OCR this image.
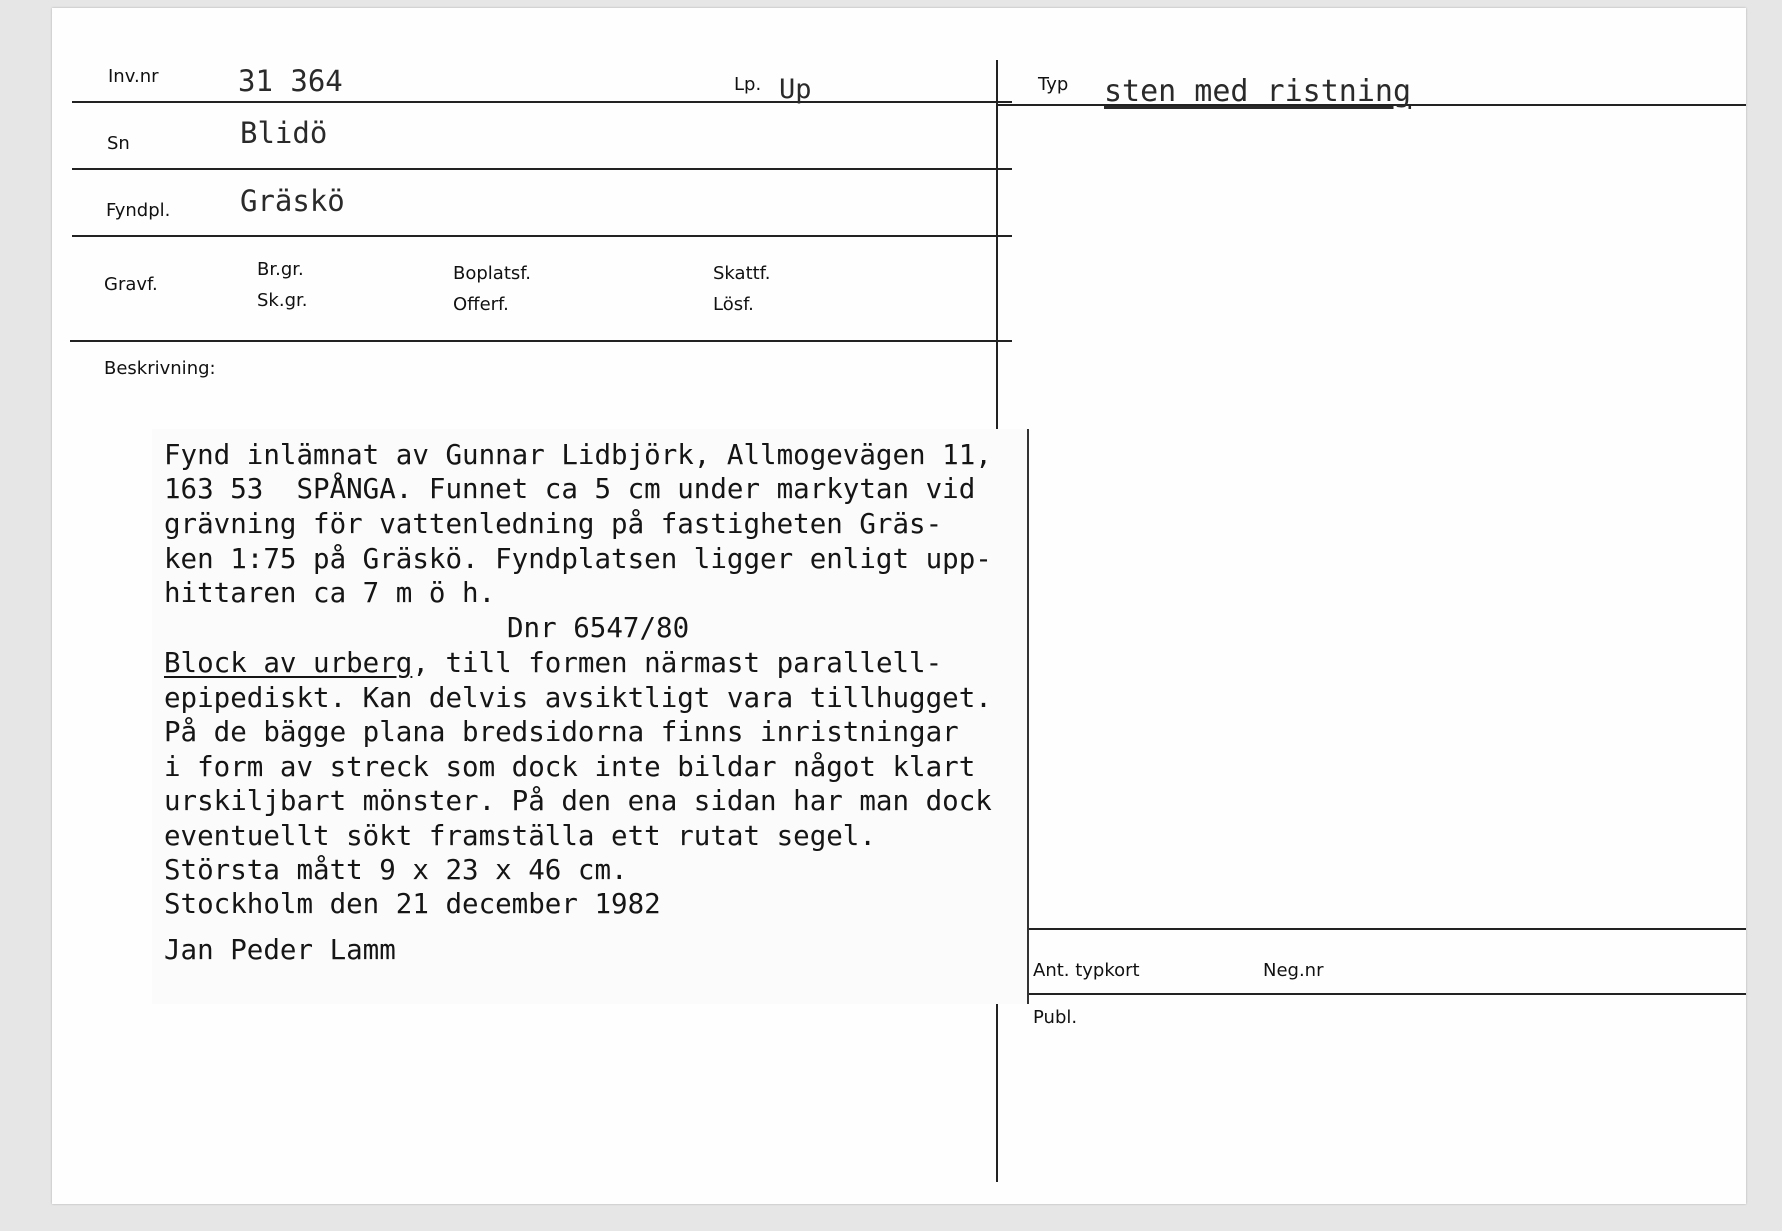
Inv.nr	31 364	Lp. Up	Typ sten med ristning
Sn	Blidö
Fyndpl. Gräskö
Gravf.
Br.gr.
Sk.gr.
Boplatsf.
Offerf.
Skattf.
Lösf.
Beskrivning:
Fynd inlämnat av Gunnar Lidbjörk, Allmogevägen 11,
163 53  SPÅNGA. Funnet ca 5 cm under markytan vid
grävning för vattenledning på fastigheten Gräs-
ken 1:75 på Gräskö. Fyndplatsen ligger enligt upp-
hittaren ca 7 m ö h.
Dnr 6547/80
Block av urberg, till formen närmast parallell-
epipediskt. Kan delvis avsiktligt vara tillhugget.
På de bägge plana bredsidorna finns inristningar
i form av streck som dock inte bildar något klart
urskiljbart mönster. På den ena sidan har man dock
eventuellt sökt framställa ett rutat segel.
Största mått 9 x 23 x 46 cm.
Stockholm den 21 december 1982
Jan Peder Lamm
Ant. typkort	Neg.nr
Publ.
